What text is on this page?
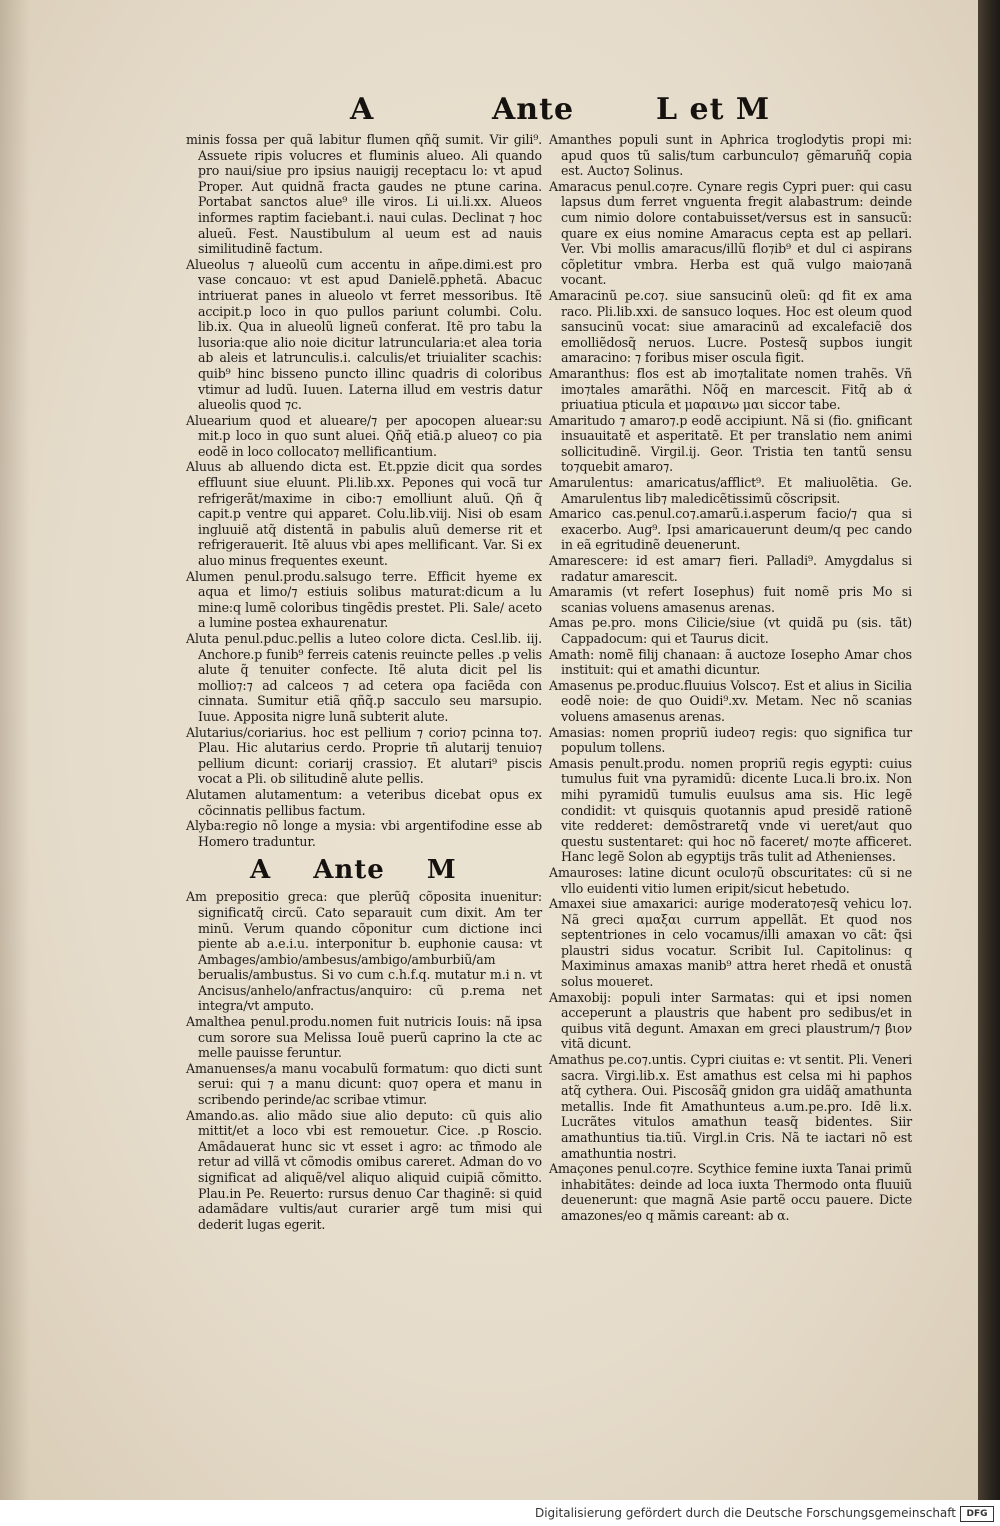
A	Ante	L et M

minis fossa per quã labitur flumen qñq̃ sumit. Vir gili⁹. Assuete ripis volucres et fluminis alueo. Ali quando pro naui/siue pro ipsius nauigij receptacu lo: vt apud Proper. Aut quidnã fracta gaudes ne ptune carina. Portabat sanctos alue⁹ ille viros. Li ui.li.xx. Alueos informes raptim faciebant.i. naui culas. Declinat ⁊ hoc alueũ. Fest. Naustibulum al ueum est ad nauis similitudinẽ factum.

Alueolus ⁊ alueolũ cum accentu in añpe.dimi.est pro vase concauo: vt est apud Danielẽ.pphetã. Abacuc intriuerat panes in alueolo vt ferret messoribus. Itẽ accipit.p loco in quo pullos pariunt columbi. Colu. lib.ix. Qua in alueolũ ligneũ conferat. Itẽ pro tabu la lusoria:que alio noie dicitur latruncularia:et alea toria ab aleis et latrunculis.i. calculis/et triuialiter scachis: quib⁹ hinc bisseno puncto illinc quadris di coloribus vtimur ad ludũ. Iuuen. Laterna illud em vestris datur alueolis quod ⁊c.

Aluearium quod et alueare/⁊ per apocopen aluear:su mit.p loco in quo sunt aluei. Qñq̃ etiã.p alueo⁊ co pia eodẽ in loco collocato⁊ mellificantium.

Aluus ab alluendo dicta est. Et.ppzie dicit qua sordes effluunt siue eluunt. Pli.lib.xx. Pepones qui vocã tur refrigerãt/maxime in cibo:⁊ emolliunt aluũ. Qñ q̃ capit.p ventre qui apparet. Colu.lib.viij. Nisi ob esam ingluuiẽ atq̃ distentã in pabulis aluũ demerse rit et refrigerauerit. Itẽ aluus vbi apes mellificant. Var. Si ex aluo minus frequentes exeunt.

Alumen penul.produ.salsugo terre. Efficit hyeme ex aqua et limo/⁊ estiuis solibus maturat:dicum a lu mine:q lumẽ coloribus tingẽdis prestet. Pli. Sale/ aceto a lumine postea exhaurenatur.

Aluta penul.pduc.pellis a luteo colore dicta. Cesl.lib. iij. Anchore.p funib⁹ ferreis catenis reuincte pelles .p velis alute q̃ tenuiter confecte. Itẽ aluta dicit pel lis mollio⁊:⁊ ad calceos ⁊ ad cetera opa faciẽda con cinnata. Sumitur etiã qñq̃.p sacculo seu marsupio. Iuue. Apposita nigre lunã subterit alute.

Alutarius/coriarius. hoc est pellium ⁊ corio⁊ pcinna to⁊. Plau. Hic alutarius cerdo. Proprie tñ alutarij tenuio⁊ pellium dicunt: coriarij crassio⁊. Et alutari⁹ piscis vocat a Pli. ob silitudinẽ alute pellis.

Alutamen alutamentum: a veteribus dicebat opus ex cõcinnatis pellibus factum.

Alyba:regio nõ longe a mysia: vbi argentifodine esse ab Homero traduntur.

A Ante M

Am prepositio greca: que plerũq̃ cõposita inuenitur: significatq̃ circũ. Cato separauit cum dixit. Am ter minũ. Verum quando cõponitur cum dictione inci piente ab a.e.i.u. interponitur b. euphonie causa: vt Ambages/ambio/ambesus/ambigo/amburbiũ/am berualis/ambustus. Si vo cum c.h.f.q. mutatur m.i n. vt Ancisus/anhelo/anfractus/anquiro: cũ p.rema net integra/vt amputo.

Amalthea penul.produ.nomen fuit nutricis Iouis: nã ipsa cum sorore sua Melissa Iouẽ puerũ caprino la cte ac melle pauisse feruntur.

Amanuenses/a manu vocabulũ formatum: quo dicti sunt serui: qui ⁊ a manu dicunt: quo⁊ opera et manu in scribendo perinde/ac scribae vtimur.

Amando.as. alio mãdo siue alio deputo: cũ quis alio mittit/et a loco vbi est remouetur. Cice. .p Roscio. Amãdauerat hunc sic vt esset i agro: ac tñmodo ale retur ad villã vt cõmodis omibus careret. Adman do vo significat ad aliquẽ/vel aliquo aliquid cuipiã cõmitto. Plau.in Pe. Reuerto: rursus denuo Car thaginẽ: si quid adamãdare vultis/aut curarier argẽ tum misi qui dederit lugas egerit.

Amanthes populi sunt in Aphrica troglodytis propi mi: apud quos tũ salis/tum carbunculo⁊ gẽmaruñq̃ copia est. Aucto⁊ Solinus.

Amaracus penul.co⁊re. Cynare regis Cypri puer: qui casu lapsus dum ferret vnguenta fregit alabastrum: deinde cum nimio dolore contabuisset/versus est in sansucũ: quare ex eius nomine Amaracus cepta est ap pellari. Ver. Vbi mollis amaracus/illũ flo⁊ib⁹ et dul ci aspirans cõpletitur vmbra. Herba est quã vulgo maio⁊anã vocant.

Amaracinũ pe.co⁊. siue sansucinũ oleũ: qd fit ex ama raco. Pli.lib.xxi. de sansuco loques. Hoc est oleum quod sansucinũ vocat: siue amaracinũ ad excalefaciẽ dos emolliẽdosq̃ neruos. Lucre. Postesq̃ supbos iungit amaracino: ⁊ foribus miser oscula figit.

Amaranthus: flos est ab imo⁊talitate nomen trahẽs. Vñ imo⁊tales amarãthi. Nõq̃ en marcescit. Fitq̃ ab α̇ priuatiua pticula et μαραινω μαι siccor tabe.

Amaritudo ⁊ amaro⁊.p eodẽ accipiunt. Nã si (fio. gnificant insuauitatẽ et asperitatẽ. Et per translatio nem animi sollicitudinẽ. Virgil.ij. Geor. Tristia ten tantũ sensu to⁊quebit amaro⁊.

Amarulentus: amaricatus/afflict⁹. Et maliuolẽtia. Ge. Amarulentus lib⁊ maledicẽtissimũ cõscripsit.

Amarico cas.penul.co⁊.amarũ.i.asperum facio/⁊ qua si exacerbo. Aug⁹. Ipsi amaricauerunt deum/q pec cando in eã egritudinẽ deuenerunt.

Amarescere: id est amar⁊ fieri. Palladi⁹. Amygdalus si radatur amarescit.

Amaramis (vt refert Iosephus) fuit nomẽ pris Mo si scanias voluens amasenus arenas.

Amas pe.pro. mons Cilicie/siue (vt quidã pu (sis. tãt) Cappadocum: qui et Taurus dicit.

Amath: nomẽ filij chanaan: ã auctoze Iosepho Amar chos instituit: qui et amathi dicuntur.

Amasenus pe.produc.fluuius Volsco⁊. Est et alius in Sicilia eodẽ noie: de quo Ouidi⁹.xv. Metam. Nec nõ scanias voluens amasenus arenas.

Amasias: nomen propriũ iudeo⁊ regis: quo significa tur populum tollens.

Amasis penult.produ. nomen propriũ regis egypti: cuius tumulus fuit vna pyramidũ: dicente Luca.li bro.ix. Non mihi pyramidũ tumulis euulsus ama sis. Hic legẽ condidit: vt quisquis quotannis apud presidẽ rationẽ vite redderet: demõstraretq̃ vnde vi ueret/aut quo questu sustentaret: qui hoc nõ faceret/ mo⁊te afficeret. Hanc legẽ Solon ab egyptijs trãs tulit ad Athenienses.

Amauroses: latine dicunt oculo⁊ũ obscuritates: cũ si ne vllo euidenti vitio lumen eripit/sicut hebetudo.

Amaxei siue amaxarici: aurige moderato⁊esq̃ vehicu lo⁊. Nã greci αμαξαι currum appellãt. Et quod nos septentriones in celo vocamus/illi amaxan vo cãt: q̃si plaustri sidus vocatur. Scribit Iul. Capitolinus: q Maximinus amaxas manib⁹ attra heret rhedã et onustã solus moueret.

Amaxobij: populi inter Sarmatas: qui et ipsi nomen acceperunt a plaustris que habent pro sedibus/et in quibus vitã degunt. Amaxan em greci plaustrum/⁊ βιον vitã dicunt.

Amathus pe.co⁊.untis. Cypri ciuitas e: vt sentit. Pli. Veneri sacra. Virgi.lib.x. Est amathus est celsa mi hi paphos atq̃ cythera. Oui. Piscosãq̃ gnidon gra uidãq̃ amathunta metallis. Inde fit Amathunteus a.um.pe.pro. Idẽ li.x. Lucrãtes vitulos amathun teasq̃ bidentes. Siir amathuntius tia.tiũ. Virgl.in Cris. Nã te iactari nõ est amathuntia nostri.

Amaçones penul.co⁊re. Scythice femine iuxta Tanai primũ inhabitãtes: deinde ad loca iuxta Thermodo onta fluuiũ deuenerunt: que magnã Asie partẽ occu pauere. Dicte amazones/eo q mãmis careant: ab α.

Digitalisierung gefördert durch die Deutsche Forschungsgemeinschaft	DFG
